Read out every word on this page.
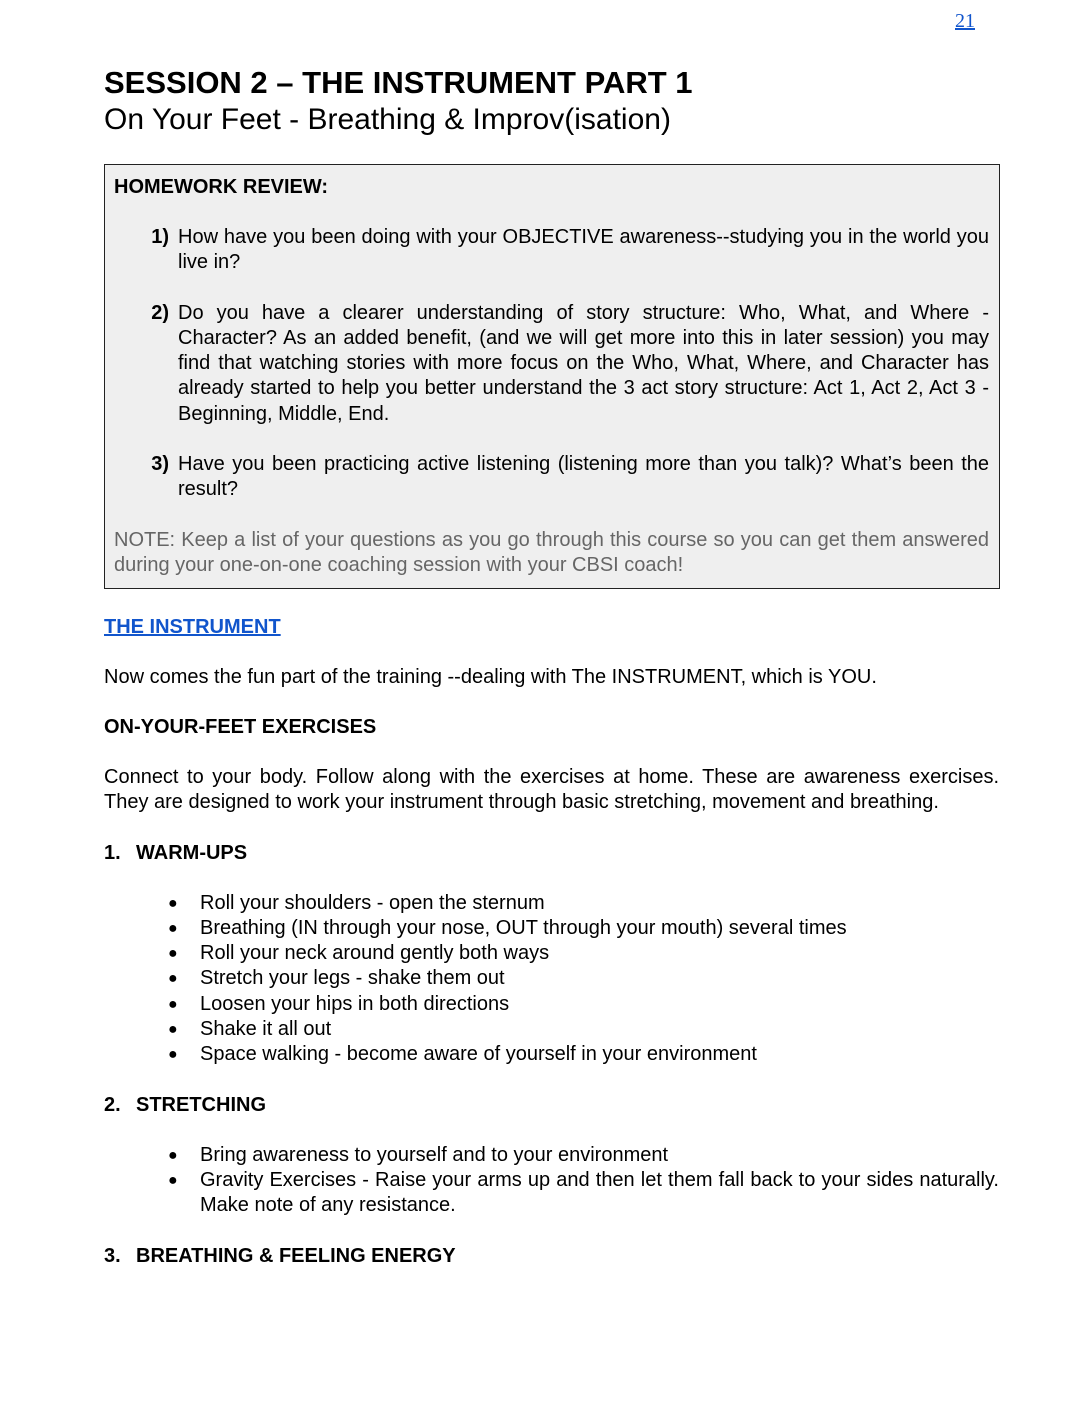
21
SESSION 2 – THE INSTRUMENT PART 1
On Your Feet - Breathing & Improv(isation)
HOMEWORK REVIEW:
1) How have you been doing with your OBJECTIVE awareness--studying you in the world you live in?
2) Do you have a clearer understanding of story structure: Who, What, and Where - Character? As an added benefit, (and we will get more into this in later session) you may find that watching stories with more focus on the Who, What, Where, and Character has already started to help you better understand the 3 act story structure: Act 1, Act 2, Act 3 - Beginning, Middle, End.
3) Have you been practicing active listening (listening more than you talk)? What’s been the result?

NOTE: Keep a list of your questions as you go through this course so you can get them answered during your one-on-one coaching session with your CBSI coach!

THE INSTRUMENT

Now comes the fun part of the training --dealing with The INSTRUMENT, which is YOU.

ON-YOUR-FEET EXERCISES

Connect to your body. Follow along with the exercises at home. These are awareness exercises. They are designed to work your instrument through basic stretching, movement and breathing.

1. WARM-UPS
●	Roll your shoulders - open the sternum
●	Breathing (IN through your nose, OUT through your mouth) several times
●	Roll your neck around gently both ways
●	Stretch your legs - shake them out
●	Loosen your hips in both directions
●	Shake it all out
●	Space walking - become aware of yourself in your environment
2. STRETCHING
●	Bring awareness to yourself and to your environment
●	Gravity Exercises - Raise your arms up and then let them fall back to your sides naturally. Make note of any resistance.
3. BREATHING & FEELING ENERGY
